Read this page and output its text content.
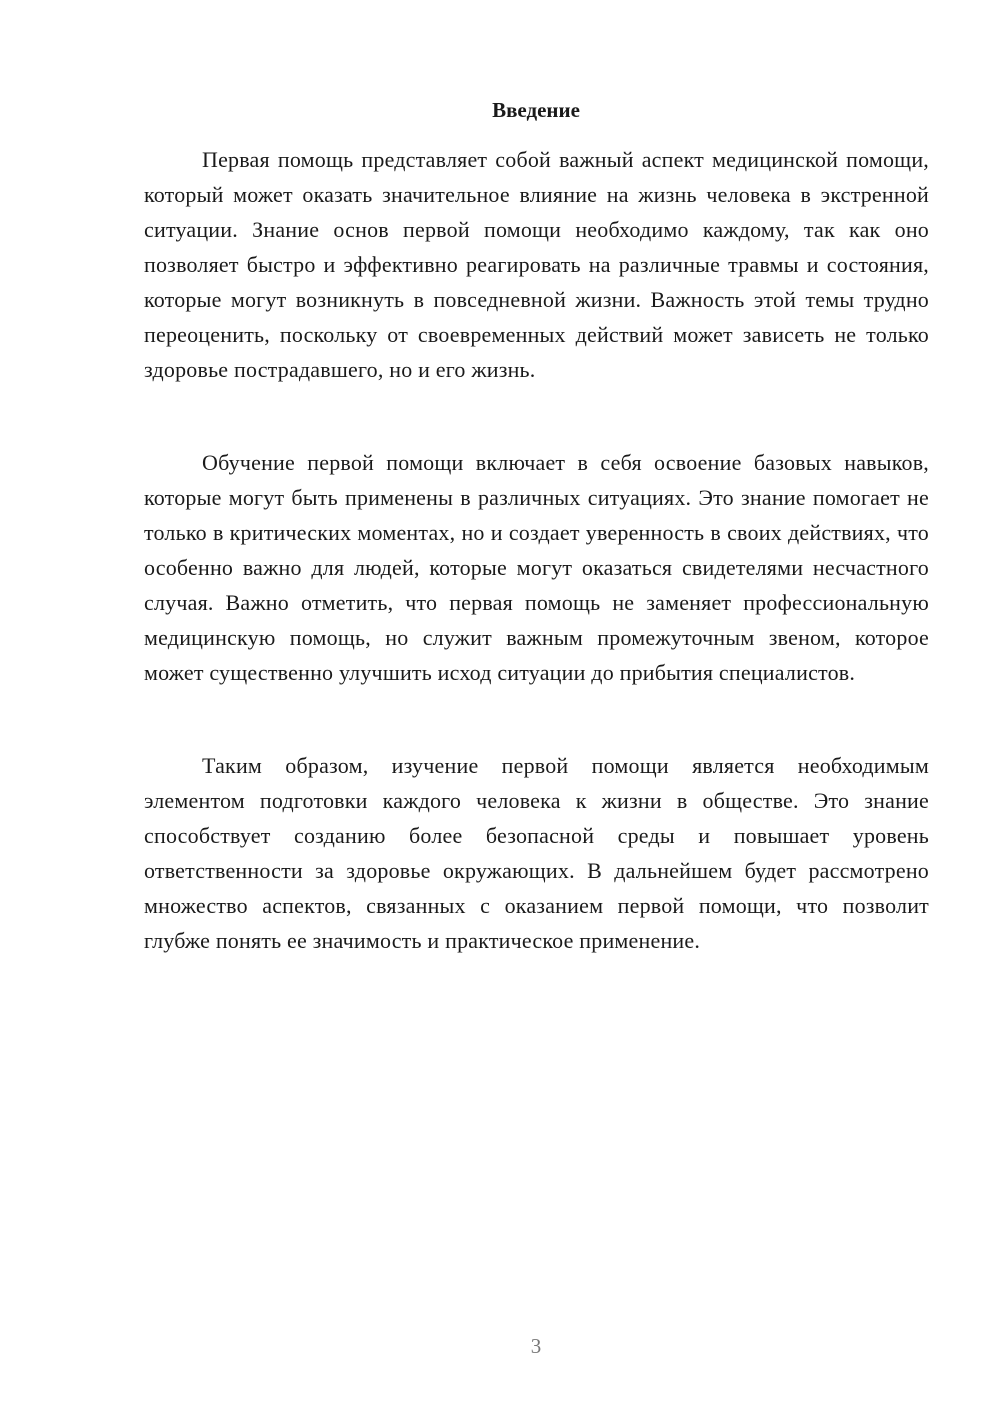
Введение

Первая помощь представляет собой важный аспект медицинской помощи, который может оказать значительное влияние на жизнь человека в экстренной ситуации. Знание основ первой помощи необходимо каждому, так как оно позволяет быстро и эффективно реагировать на различные травмы и состояния, которые могут возникнуть в повседневной жизни. Важность этой темы трудно переоценить, поскольку от своевременных действий может зависеть не только здоровье пострадавшего, но и его жизнь.

Обучение первой помощи включает в себя освоение базовых навыков, которые могут быть применены в различных ситуациях. Это знание помогает не только в критических моментах, но и создает уверенность в своих действиях, что особенно важно для людей, которые могут оказаться свидетелями несчастного случая. Важно отметить, что первая помощь не заменяет профессиональную медицинскую помощь, но служит важным промежуточным звеном, которое может существенно улучшить исход ситуации до прибытия специалистов.

Таким образом, изучение первой помощи является необходимым элементом подготовки каждого человека к жизни в обществе. Это знание способствует созданию более безопасной среды и повышает уровень ответственности за здоровье окружающих. В дальнейшем будет рассмотрено множество аспектов, связанных с оказанием первой помощи, что позволит глубже понять ее значимость и практическое применение.

3
